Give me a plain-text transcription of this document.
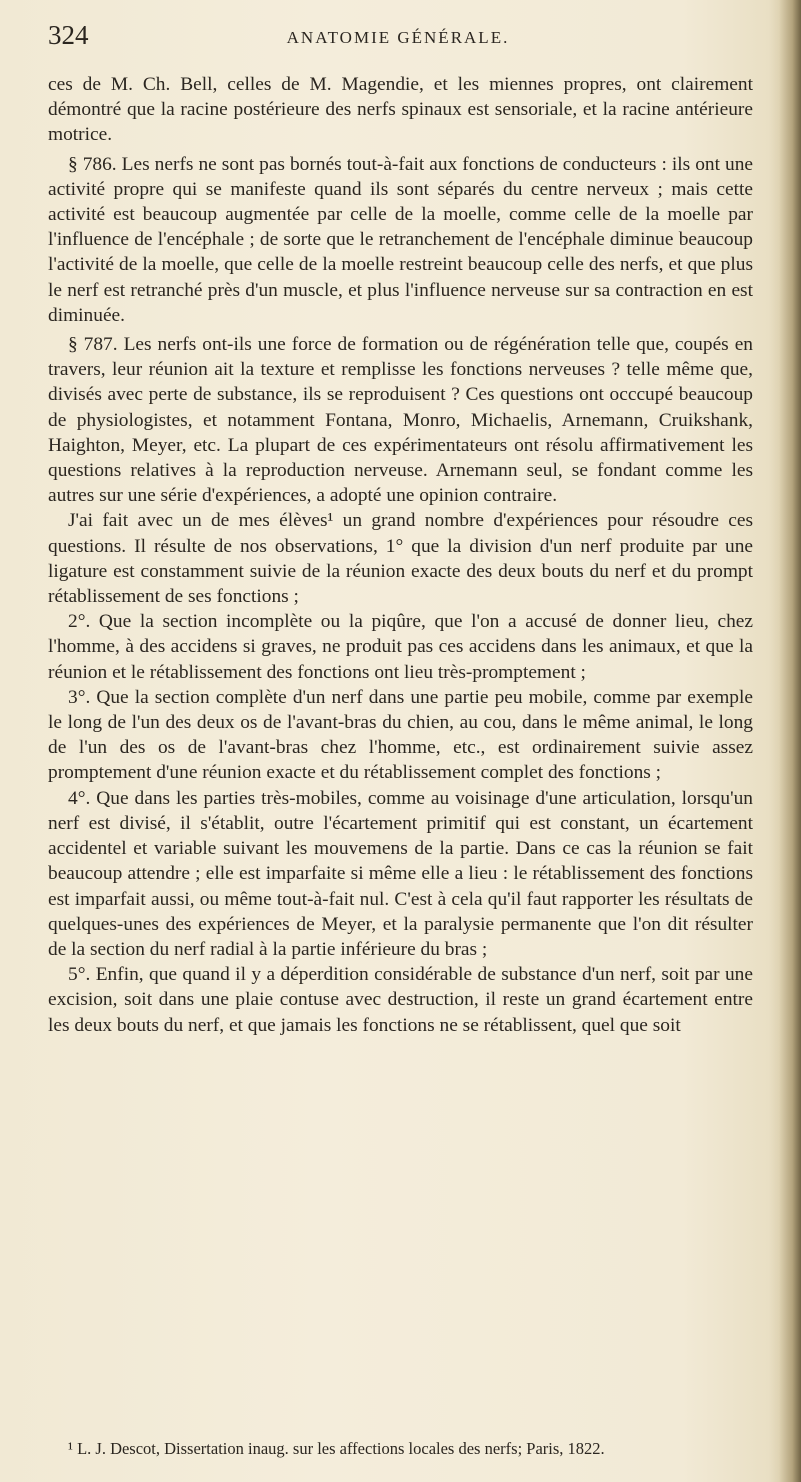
324	ANATOMIE GÉNÉRALE.

ces de M. Ch. Bell, celles de M. Magendie, et les miennes propres, ont clairement démontré que la racine postérieure des nerfs spinaux est sensoriale, et la racine antérieure motrice.

§ 786. Les nerfs ne sont pas bornés tout-à-fait aux fonctions de conducteurs : ils ont une activité propre qui se manifeste quand ils sont séparés du centre nerveux ; mais cette activité est beaucoup augmentée par celle de la moelle, comme celle de la moelle par l'influence de l'encéphale ; de sorte que le retranchement de l'encéphale diminue beaucoup l'activité de la moelle, que celle de la moelle restreint beaucoup celle des nerfs, et que plus le nerf est retranché près d'un muscle, et plus l'influence nerveuse sur sa contraction en est diminuée.

§ 787. Les nerfs ont-ils une force de formation ou de régénération telle que, coupés en travers, leur réunion ait la texture et remplisse les fonctions nerveuses ? telle même que, divisés avec perte de substance, ils se reproduisent ? Ces questions ont occcupé beaucoup de physiologistes, et notamment Fontana, Monro, Michaelis, Arnemann, Cruikshank, Haighton, Meyer, etc. La plupart de ces expérimentateurs ont résolu affirmativement les questions relatives à la reproduction nerveuse. Arnemann seul, se fondant comme les autres sur une série d'expériences, a adopté une opinion contraire.

J'ai fait avec un de mes élèves¹ un grand nombre d'expériences pour résoudre ces questions. Il résulte de nos observations, 1° que la division d'un nerf produite par une ligature est constamment suivie de la réunion exacte des deux bouts du nerf et du prompt rétablissement de ses fonctions ;

2°. Que la section incomplète ou la piqûre, que l'on a accusé de donner lieu, chez l'homme, à des accidens si graves, ne produit pas ces accidens dans les animaux, et que la réunion et le rétablissement des fonctions ont lieu très-promptement ;

3°. Que la section complète d'un nerf dans une partie peu mobile, comme par exemple le long de l'un des deux os de l'avant-bras du chien, au cou, dans le même animal, le long de l'un des os de l'avant-bras chez l'homme, etc., est ordinairement suivie assez promptement d'une réunion exacte et du rétablissement complet des fonctions ;

4°. Que dans les parties très-mobiles, comme au voisinage d'une articulation, lorsqu'un nerf est divisé, il s'établit, outre l'écartement primitif qui est constant, un écartement accidentel et variable suivant les mouvemens de la partie. Dans ce cas la réunion se fait beaucoup attendre ; elle est imparfaite si même elle a lieu : le rétablissement des fonctions est imparfait aussi, ou même tout-à-fait nul. C'est à cela qu'il faut rapporter les résultats de quelques-unes des expériences de Meyer, et la paralysie permanente que l'on dit résulter de la section du nerf radial à la partie inférieure du bras ;

5°. Enfin, que quand il y a déperdition considérable de substance d'un nerf, soit par une excision, soit dans une plaie contuse avec destruction, il reste un grand écartement entre les deux bouts du nerf, et que jamais les fonctions ne se rétablissent, quel que soit

¹ L. J. Descot, Dissertation inaug. sur les affections locales des nerfs; Paris, 1822.
